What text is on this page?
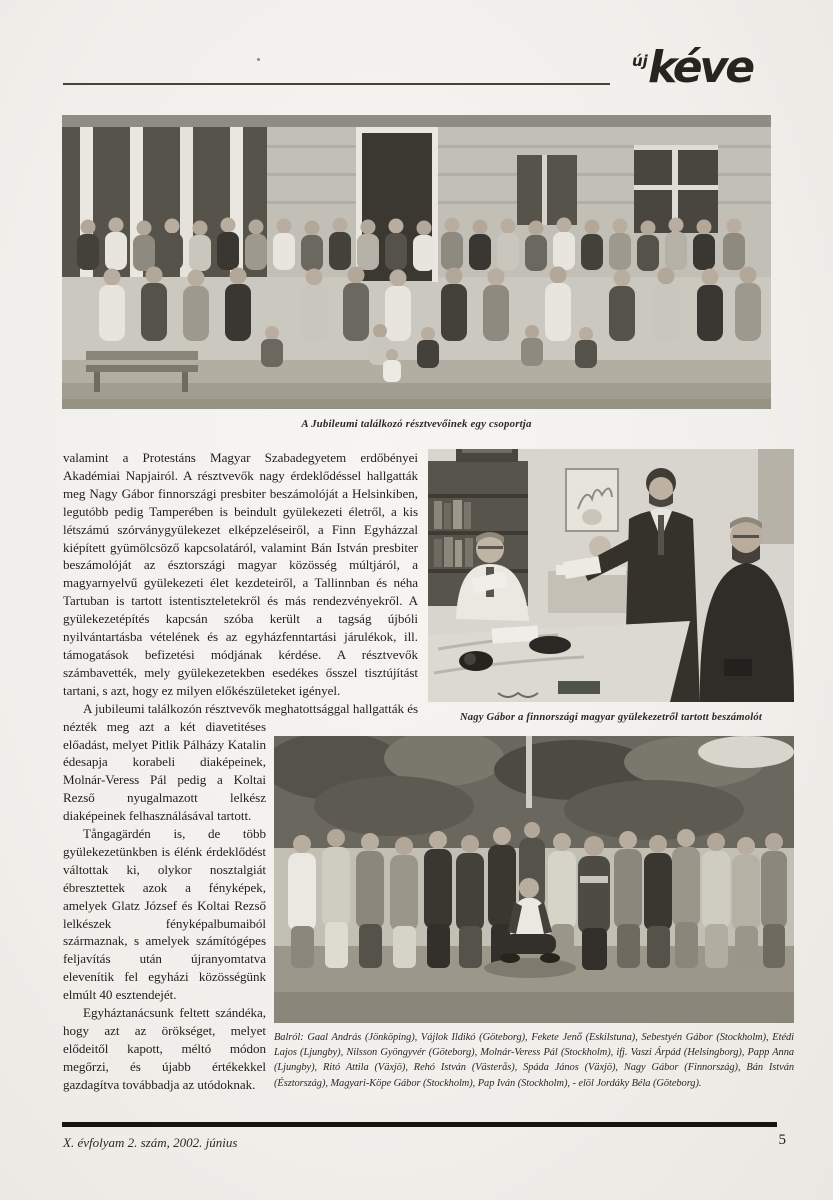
új kéve
A Jubileumi találkozó résztvevőinek egy csoportja
Nagy Gábor a finnországi magyar gyülekezetről tartott beszámolót
Balról: Gaal András (Jönköping), Vájlok Ildikó (Göteborg), Fekete Jenő (Eskilstuna), Sebestyén Gábor (Stockholm), Etédi Lajos (Ljungby), Nilsson Gyöngyvér (Göteborg), Molnár-Veress Pál (Stockholm), ifj. Vaszi Árpád (Helsingborg), Papp Anna (Ljungby), Ritó Attila (Växjö), Rehó István (Västerås), Spáda János (Växjö), Nagy Gábor (Finnország), Bán István (Észtország), Magyari-Köpe Gábor (Stockholm), Pap Iván (Stockholm), - elöl Jordáky Béla (Göteborg).

valamint a Protestáns Magyar Szabadegyetem erdőbényei Akadémiai Napjairól. A résztvevők nagy érdeklődéssel hallgatták meg Nagy Gábor finnországi presbiter beszámolóját a Helsinkiben, legutóbb pedig Tamperében is beindult gyülekezeti életről, a kis létszámú szórványgyülekezet elképzeléseiről, a Finn Egyházzal kiépített gyümölcsöző kapcsolatáról, valamint Bán István presbiter beszámolóját az észtországi magyar közösség múltjáról, a magyarnyelvű gyülekezeti élet kezdeteiről, a Tallinnban és néha Tartuban is tartott istentiszteletekről és más rendezvényekről. A gyülekezetépítés kapcsán szóba került a tagság újbóli nyilvántartásba vételének és az egyházfenntartási járulékok, ill. támogatások befizetési módjának kérdése. A résztvevők számbavették, mely gyülekezetekben esedékes ősszel tisztújítást tartani, s azt, hogy ez milyen előkészületeket igényel.

A jubileumi találkozón résztvevők meghatottsággal hallgatták és nézték meg azt a két diavetitéses előadást, melyet Pitlik Pálházy Katalin édesapja korabeli diaképeinek, Molnár-Veress Pál pedig a Koltai Rezső nyugalmazott lelkész diaképeinek felhasználásával tartott.

Tångagärdén is, de több gyülekezetünkben is élénk érdeklődést váltottak ki, olykor nosztalgiát ébresztettek azok a fényképek, amelyek Glatz József és Koltai Rezső lelkészek fényképalbumaiból származnak, s amelyek számítógépes feljavítás után újranyomtatva elevenítik fel egyházi közösségünk elmúlt 40 esztendejét.

Egyháztanácsunk feltett szándéka, hogy azt az örökséget, melyet elődeitől kapott, méltó módon megőrzi, és újabb értékekkel gazdagítva továbbadja az utódoknak.

X. évfolyam 2. szám, 2002. június	5
